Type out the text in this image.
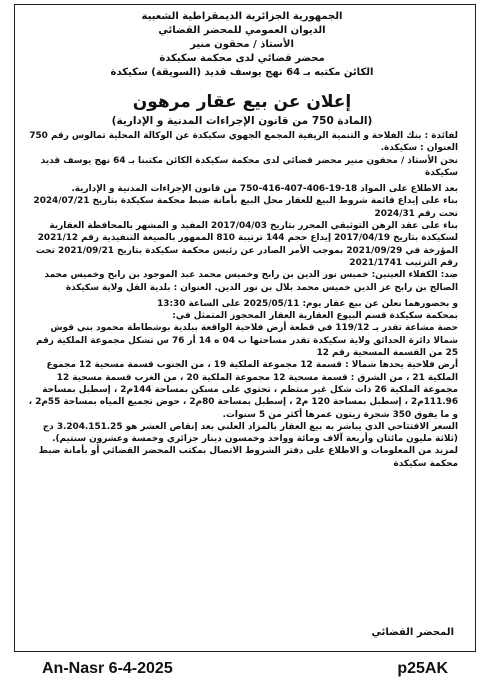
الجمهورية الجزائرية الديمقراطية الشعبية
الديوان العمومي للمحضر القضائي
الأستاذ / محقون منير
محضر قضائي لدى محكمة سكيكدة
الكائن مكتبه بـ 64 نهج يوسف قديد (السويقة) سكيكدة
إعلان عن بيع عقار مرهون
(المادة 750 من قانون الإجراءات المدنية و الإدارية)

لفائدة : بنك الفلاحة و التنمية الريفية المجمع الجهوي سكيكدة عن الوكالة المحلية تمالوس رقم 750

العنوان : سكيكدة.

نحن الأستاذ / محقون منير محضر قضائي لدى محكمة سكيكدة الكائن مكتبنا بـ 64 نهج يوسف قديد سكيكدة

بعد الاطلاع على المواد 18-19-406-407-416-750 من قانون الإجراءات المدنية و الإدارية.

بناء على إيداع قائمة شروط البيع للعقار محل البيع بأمانة ضبط محكمة سكيكدة بتاريخ 2024/07/21 تحت رقم 2024/31

بناء على عقد الرهن التوثيقي المحرر بتاريخ 2017/04/03 المقيد و المشهر بالمحافظة العقارية لسكيكدة بتاريخ 2017/04/19 إيداع حجم 144 ترتيبة 810 الممهور بالصيغة التنفيذية رقم 2021/12 المؤرخة في 2021/09/29 بموجب الأمر الصادر عن رئيس محكمة سكيكدة بتاريخ 2021/09/21 تحت رقم الترتيب 2021/1741

ضد: الكفلاء العينين: خميس نور الدين بن رابح وخميس محمد عبد الموجود بن رابح وخميس محمد الصالح بن رابح عز الدين خميس محمد بلال بن نور الدين. العنوان : بلدية القل ولاية سكيكدة

و بحضورهما نعلن عن بيع عقار يوم: 2025/05/11 على الساعة 13:30

بمحكمة سكيكدة قسم البيوع العقارية العقار المحجوز المتمثل في:

حصة مشاعة تقدر بـ 119/12 في قطعة أرض فلاحية الواقعة ببلدية بوشطاطة محمود بني قوش شمالا دائرة الحدائق ولاية سكيكدة تقدر مساحتها ب 04 ه 14 أر 76 س تشكل مجموعة الملكية رقم 25 من القسمة المسحية رقم 12

أرض فلاحية يحدها شمالا : قسمة 12 مجموعة الملكية 19 ، من الجنوب قسمة مسحية 12 مجموع الملكية 21 ، من الشرق : قسمة مسحية 12 مجموعة الملكية 20 ، من الغرب قسمة مسحية 12 مجموعة الملكية 26 ذات شكل غير منتظم ، تحتوي على مسكن بمساحة 144م2 ، إسطبل بمساحة 111.96م2 ، إسطبل بمساحة 120 م2 ، إسطبل بمساحة 80م2 ، حوض تجميع المياه بمساحة 55م2 ، و ما يفوق 350 شجرة زيتون عمرها أكثر من 5 سنوات.

السعر الافتتاحي الذي يباشر به بيع العقار بالمزاد العلني بعد إنقاص العشر هو 3.204.151.25 دج (ثلاثة مليون مائتان وأربعة آلاف ومائة وواحد وخمسون دينار جزائري وخمسة وعشرون سنتيم).

لمزيد من المعلومات و الاطلاع على دفتر الشروط الاتصال بمكتب المحضر القضائي أو بأمانة ضبط محكمة سكيكدة

المحضر القضائي
An-Nasr 6-4-2025	p25AK
